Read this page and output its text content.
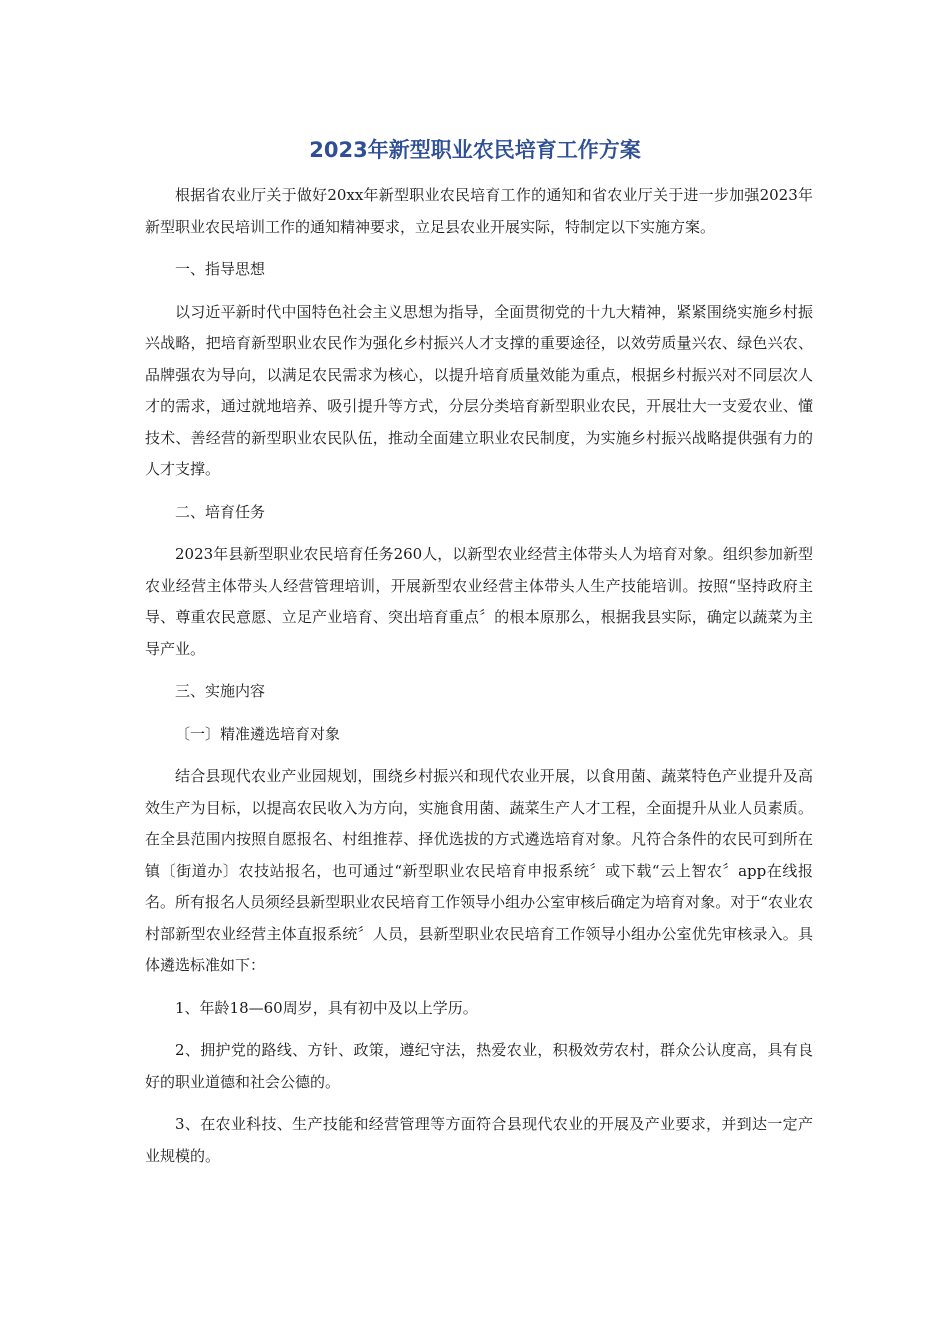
2023年新型职业农民培育工作方案

根据省农业厅关于做好20xx年新型职业农民培育工作的通知和省农业厅关于进一步加强2023年新型职业农民培训工作的通知精神要求，立足县农业开展实际，特制定以下实施方案。

一、指导思想

以习近平新时代中国特色社会主义思想为指导，全面贯彻党的十九大精神，紧紧围绕实施乡村振兴战略，把培育新型职业农民作为强化乡村振兴人才支撑的重要途径，以效劳质量兴农、绿色兴农、品牌强农为导向，以满足农民需求为核心，以提升培育质量效能为重点，根据乡村振兴对不同层次人才的需求，通过就地培养、吸引提升等方式，分层分类培育新型职业农民，开展壮大一支爱农业、懂技术、善经营的新型职业农民队伍，推动全面建立职业农民制度，为实施乡村振兴战略提供强有力的人才支撑。

二、培育任务

2023年县新型职业农民培育任务260人，以新型农业经营主体带头人为培育对象。组织参加新型农业经营主体带头人经营管理培训，开展新型农业经营主体带头人生产技能培训。按照“坚持政府主导、尊重农民意愿、立足产业培育、突出培育重点〞的根本原那么，根据我县实际，确定以蔬菜为主导产业。

三、实施内容

〔一〕精准遴选培育对象

结合县现代农业产业园规划，围绕乡村振兴和现代农业开展，以食用菌、蔬菜特色产业提升及高效生产为目标，以提高农民收入为方向，实施食用菌、蔬菜生产人才工程，全面提升从业人员素质。在全县范围内按照自愿报名、村组推荐、择优选拔的方式遴选培育对象。凡符合条件的农民可到所在镇〔街道办〕农技站报名，也可通过“新型职业农民培育申报系统〞或下载“云上智农〞app在线报名。所有报名人员须经县新型职业农民培育工作领导小组办公室审核后确定为培育对象。对于“农业农村部新型农业经营主体直报系统〞人员，县新型职业农民培育工作领导小组办公室优先审核录入。具体遴选标准如下：

1、年龄18—60周岁，具有初中及以上学历。

2、拥护党的路线、方针、政策，遵纪守法，热爱农业，积极效劳农村，群众公认度高，具有良好的职业道德和社会公德的。

3、在农业科技、生产技能和经营管理等方面符合县现代农业的开展及产业要求，并到达一定产业规模的。
